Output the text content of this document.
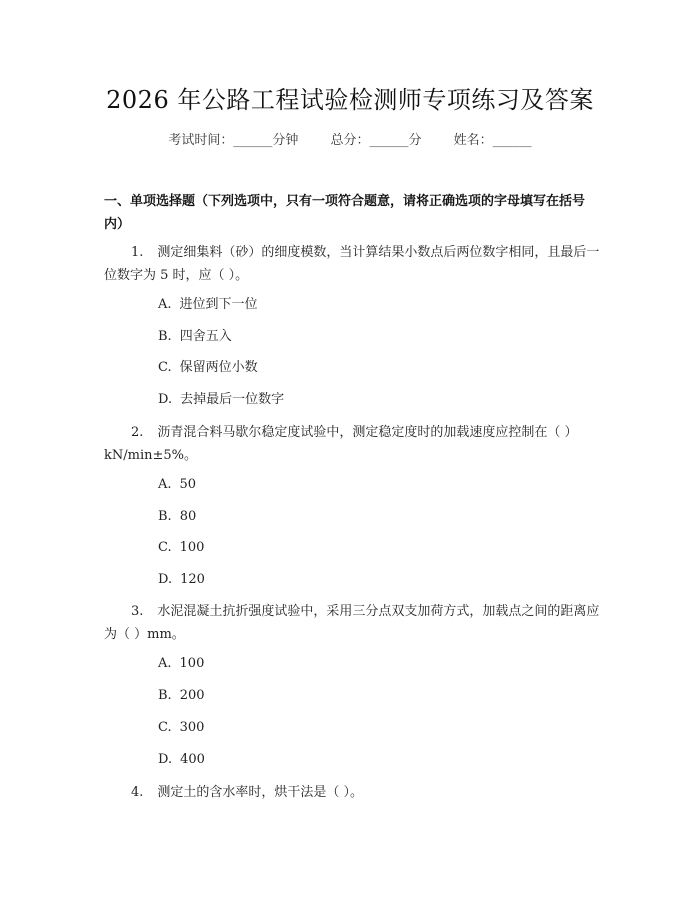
2026 年公路工程试验检测师专项练习及答案
考试时间：______分钟 总分：______分 姓名：______
一、单项选择题（下列选项中，只有一项符合题意，请将正确选项的字母填写在括号内）
1. 测定细集料（砂）的细度模数，当计算结果小数点后两位数字相同，且最后一位数字为 5 时，应（ ）。
A. 进位到下一位
B. 四舍五入
C. 保留两位小数
D. 去掉最后一位数字
2. 沥青混合料马歇尔稳定度试验中，测定稳定度时的加载速度应控制在（ ）kN/min±5%。
A. 50
B. 80
C. 100
D. 120
3. 水泥混凝土抗折强度试验中，采用三分点双支加荷方式，加载点之间的距离应为（ ）mm。
A. 100
B. 200
C. 300
D. 400
4. 测定土的含水率时，烘干法是（ ）。
